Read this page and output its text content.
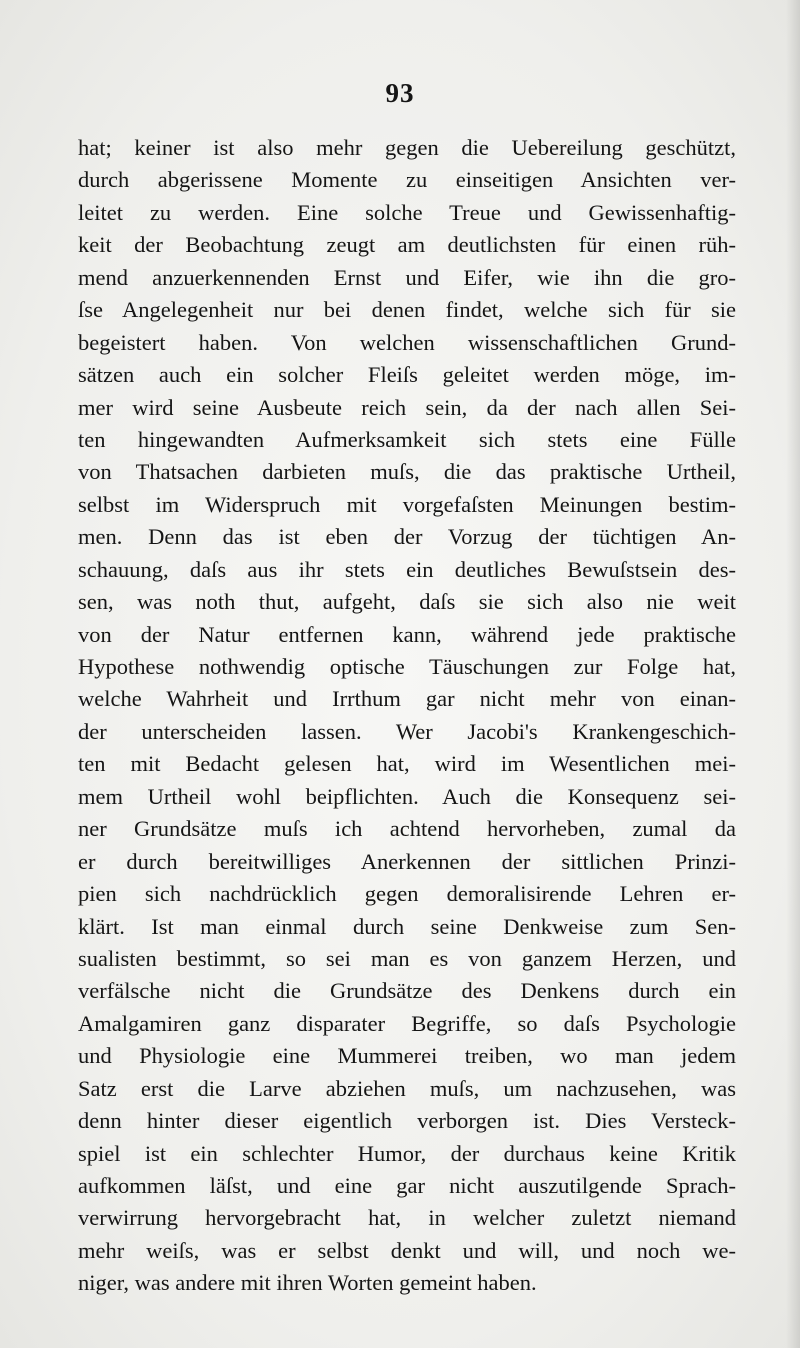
93
hat; keiner ist also mehr gegen die Uebereilung geschützt,
durch abgerissene Momente zu einseitigen Ansichten ver-
leitet zu werden. Eine solche Treue und Gewissenhaftig-
keit der Beobachtung zeugt am deutlichsten für einen rüh-
mend anzuerkennenden Ernst und Eifer, wie ihn die gro-
ſse Angelegenheit nur bei denen findet, welche sich für sie
begeistert haben. Von welchen wissenschaftlichen Grund-
sätzen auch ein solcher Fleiſs geleitet werden möge, im-
mer wird seine Ausbeute reich sein, da der nach allen Sei-
ten hingewandten Aufmerksamkeit sich stets eine Fülle
von Thatsachen darbieten muſs, die das praktische Urtheil,
selbst im Widerspruch mit vorgefaſsten Meinungen bestim-
men. Denn das ist eben der Vorzug der tüchtigen An-
schauung, daſs aus ihr stets ein deutliches Bewuſstsein des-
sen, was noth thut, aufgeht, daſs sie sich also nie weit
von der Natur entfernen kann, während jede praktische
Hypothese nothwendig optische Täuschungen zur Folge hat,
welche Wahrheit und Irrthum gar nicht mehr von einan-
der unterscheiden lassen. Wer Jacobi's Krankengeschich-
ten mit Bedacht gelesen hat, wird im Wesentlichen mei-
mem Urtheil wohl beipflichten. Auch die Konsequenz sei-
ner Grundsätze muſs ich achtend hervorheben, zumal da
er durch bereitwilliges Anerkennen der sittlichen Prinzi-
pien sich nachdrücklich gegen demoralisirende Lehren er-
klärt. Ist man einmal durch seine Denkweise zum Sen-
sualisten bestimmt, so sei man es von ganzem Herzen, und
verfälsche nicht die Grundsätze des Denkens durch ein
Amalgamiren ganz disparater Begriffe, so daſs Psychologie
und Physiologie eine Mummerei treiben, wo man jedem
Satz erst die Larve abziehen muſs, um nachzusehen, was
denn hinter dieser eigentlich verborgen ist. Dies Versteck-
spiel ist ein schlechter Humor, der durchaus keine Kritik
aufkommen läſst, und eine gar nicht auszutilgende Sprach-
verwirrung hervorgebracht hat, in welcher zuletzt niemand
mehr weiſs, was er selbst denkt und will, und noch we-
niger, was andere mit ihren Worten gemeint haben.
